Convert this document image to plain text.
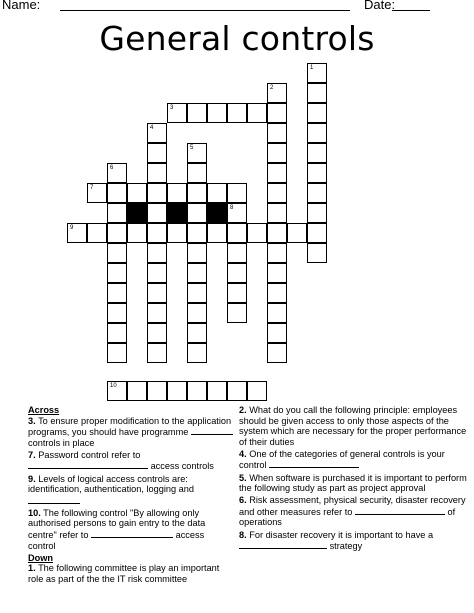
Name:	Date:
General controls
1
2
3
4
5
6
7
8
9
10
Across
3. To ensure proper modification to the application programs, you should have programme  controls in place
7. Password control refer to  access controls
9. Levels of logical access controls are: identification, authentication, logging and
10. The following control "By allowing only authorised persons to gain entry to the data centre" refer to	access control
Down
1. The following committee is play an important role as part of the the IT risk committee
2. What do you call the following principle: employees should be given access to only those aspects of the system which are necessary for the proper performance of their duties
4. One of the categories of general controls is your control
5. When software is purchased it is important to perform the following study as part as project approval
6. Risk assessment, physical security, disaster recovery and other measures refer to	of operations
8. For disaster recovery it is important to have a  strategy
